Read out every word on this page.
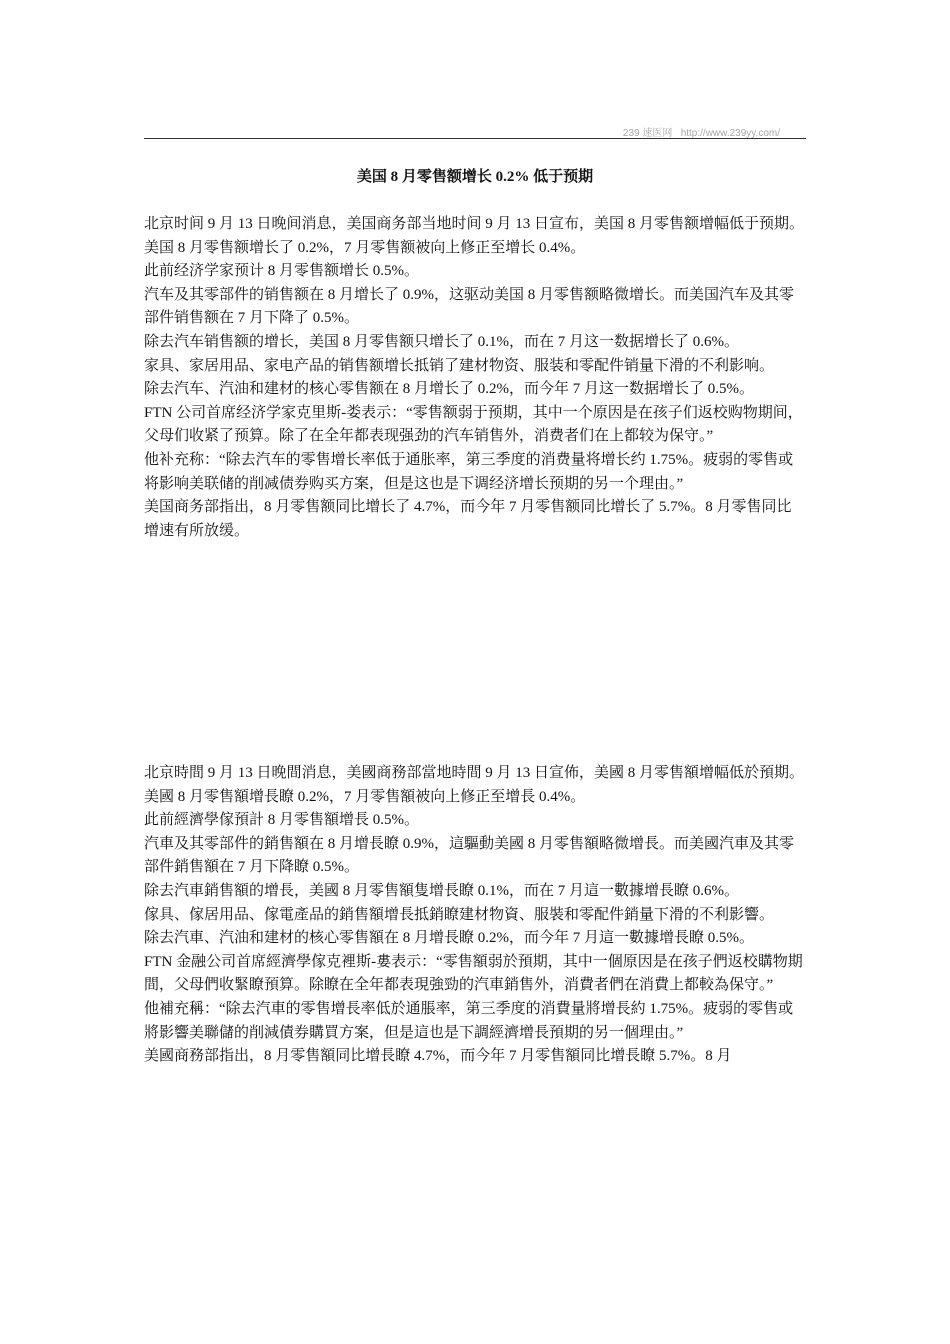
239 速医网   http://www.239yy.com/
美国 8 月零售额增长 0.2% 低于预期

北京时间 9 月 13 日晚间消息，美国商务部当地时间 9 月 13 日宣布，美国 8 月零售额增幅低于预期。

美国 8 月零售额增长了 0.2%，7 月零售额被向上修正至增长 0.4%。

此前经济学家预计 8 月零售额增长 0.5%。

汽车及其零部件的销售额在 8 月增长了 0.9%，这驱动美国 8 月零售额略微增长。而美国汽车及其零部件销售额在 7 月下降了 0.5%。

除去汽车销售额的增长，美国 8 月零售额只增长了 0.1%，而在 7 月这一数据增长了 0.6%。

家具、家居用品、家电产品的销售额增长抵销了建材物资、服装和零配件销量下滑的不利影响。

除去汽车、汽油和建材的核心零售额在 8 月增长了 0.2%，而今年 7 月这一数据增长了 0.5%。

FTN 公司首席经济学家克里斯-娄表示：“零售额弱于预期，其中一个原因是在孩子们返校购物期间，父母们收紧了预算。除了在全年都表现强劲的汽车销售外，消费者们在上都较为保守。”

他补充称：“除去汽车的零售增长率低于通胀率，第三季度的消费量将增长约 1.75%。疲弱的零售或将影响美联储的削减债券购买方案，但是这也是下调经济增长预期的另一个理由。”

美国商务部指出，8 月零售额同比增长了 4.7%，而今年 7 月零售额同比增长了 5.7%。8 月零售同比增速有所放缓。

北京時間 9 月 13 日晚間消息，美國商務部當地時間 9 月 13 日宣佈，美國 8 月零售額增幅低於預期。

美國 8 月零售額增長瞭 0.2%，7 月零售額被向上修正至增長 0.4%。

此前經濟學傢預計 8 月零售額增長 0.5%。

汽車及其零部件的銷售額在 8 月增長瞭 0.9%，這驅動美國 8 月零售額略微增長。而美國汽車及其零部件銷售額在 7 月下降瞭 0.5%。

除去汽車銷售額的增長，美國 8 月零售額隻增長瞭 0.1%，而在 7 月這一數據增長瞭 0.6%。

傢具、傢居用品、傢電產品的銷售額增長抵銷瞭建材物資、服裝和零配件銷量下滑的不利影響。

除去汽車、汽油和建材的核心零售額在 8 月增長瞭 0.2%，而今年 7 月這一數據增長瞭 0.5%。

FTN 金融公司首席經濟學傢克裡斯-婁表示：“零售額弱於預期，其中一個原因是在孩子們返校購物期間，父母們收緊瞭預算。除瞭在全年都表現強勁的汽車銷售外，消費者們在消費上都較為保守。”

他補充稱：“除去汽車的零售增長率低於通脹率，第三季度的消費量將增長約 1.75%。疲弱的零售或將影響美聯儲的削減債券購買方案，但是這也是下調經濟增長預期的另一個理由。”

美國商務部指出，8 月零售額同比增長瞭 4.7%，而今年 7 月零售額同比增長瞭 5.7%。8 月
